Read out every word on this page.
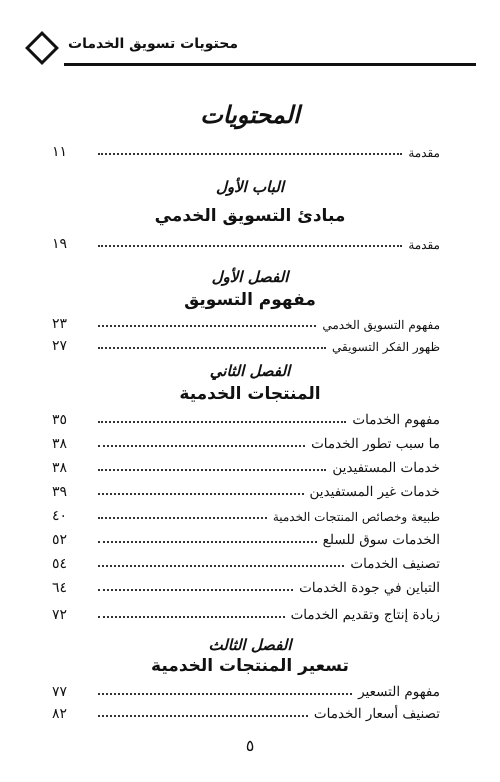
محتويات تسويق الخدمات
المحتويات
مقدمة
١١
الباب الأول
مبادئ التسويق الخدمي
مقدمة
١٩
الفصل الأول
مفهوم التسويق
مفهوم التسويق الخدمي
٢٣
ظهور الفكر التسويقي
٢٧
الفصل الثاني
المنتجات الخدمية
مفهوم الخدمات
٣٥
ما سبب تطور الخدمات
٣٨
خدمات المستفيدين
٣٨
خدمات غير المستفيدين
٣٩
طبيعة وخصائص المنتجات الخدمية
٤٠
الخدمات سوق للسلع
٥٢
تصنيف الخدمات
٥٤
التباين في جودة الخدمات
٦٤
زيادة إنتاج وتقديم الخدمات
٧٢
الفصل الثالث
تسعير المنتجات الخدمية
مفهوم التسعير
٧٧
تصنيف أسعار الخدمات
٨٢
٥
